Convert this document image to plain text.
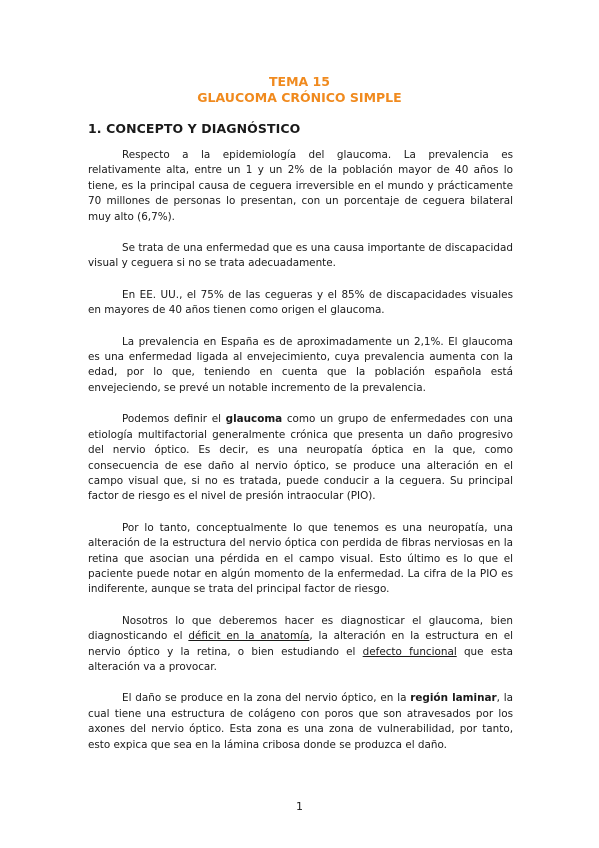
TEMA 15
GLAUCOMA CRÓNICO SIMPLE
1. CONCEPTO Y DIAGNÓSTICO

Respecto a la epidemiología del glaucoma. La prevalencia es relativamente alta, entre un 1 y un 2% de la población mayor de 40 años lo tiene, es la principal causa de ceguera irreversible en el mundo y prácticamente 70 millones de personas lo presentan, con un porcentaje de ceguera bilateral muy alto (6,7%).

Se trata de una enfermedad que es una causa importante de discapacidad visual y ceguera si no se trata adecuadamente.

En EE. UU., el 75% de las cegueras y el 85% de discapacidades visuales en mayores de 40 años tienen como origen el glaucoma.

La prevalencia en España es de aproximadamente un 2,1%. El glaucoma es una enfermedad ligada al envejecimiento, cuya prevalencia aumenta con la edad, por lo que, teniendo en cuenta que la población española está envejeciendo, se prevé un notable incremento de la prevalencia.

Podemos definir el glaucoma como un grupo de enfermedades con una etiología multifactorial generalmente crónica que presenta un daño progresivo del nervio óptico. Es decir, es una neuropatía óptica en la que, como consecuencia de ese daño al nervio óptico, se produce una alteración en el campo visual que, si no es tratada, puede conducir a la ceguera. Su principal factor de riesgo es el nivel de presión intraocular (PIO).

Por lo tanto, conceptualmente lo que tenemos es una neuropatía, una alteración de la estructura del nervio óptica con perdida de fibras nerviosas en la retina que asocian una pérdida en el campo visual. Esto último es lo que el paciente puede notar en algún momento de la enfermedad. La cifra de la PIO es indiferente, aunque se trata del principal factor de riesgo.

Nosotros lo que deberemos hacer es diagnosticar el glaucoma, bien diagnosticando el déficit en la anatomía, la alteración en la estructura en el nervio óptico y la retina, o bien estudiando el defecto funcional que esta alteración va a provocar.

El daño se produce en la zona del nervio óptico, en la región laminar, la cual tiene una estructura de colágeno con poros que son atravesados por los axones del nervio óptico. Esta zona es una zona de vulnerabilidad, por tanto, esto expica que sea en la lámina cribosa donde se produzca el daño.

1
